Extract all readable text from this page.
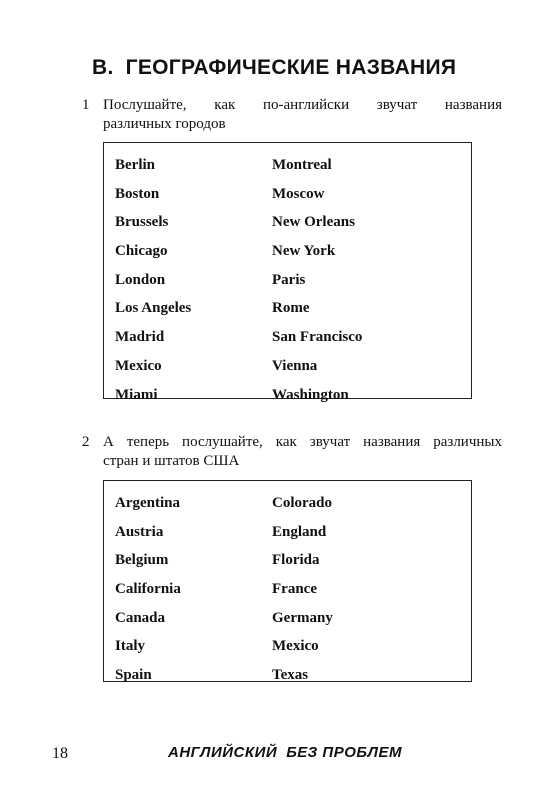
B. ГЕОГРАФИЧЕСКИЕ НАЗВАНИЯ
1 Послушайте, как по-английски звучат названия
различных городов
Berlin
Boston
Brussels
Chicago
London
Los Angeles
Madrid
Mexico
Miami
Montreal
Moscow
New Orleans
New York
Paris
Rome
San Francisco
Vienna
Washington
2 А теперь послушайте, как звучат названия различных
стран и штатов США
Argentina
Austria
Belgium
California
Canada
Italy
Spain
Colorado
England
Florida
France
Germany
Mexico
Texas
18	АНГЛИЙСКИЙ БЕЗ ПРОБЛЕМ
